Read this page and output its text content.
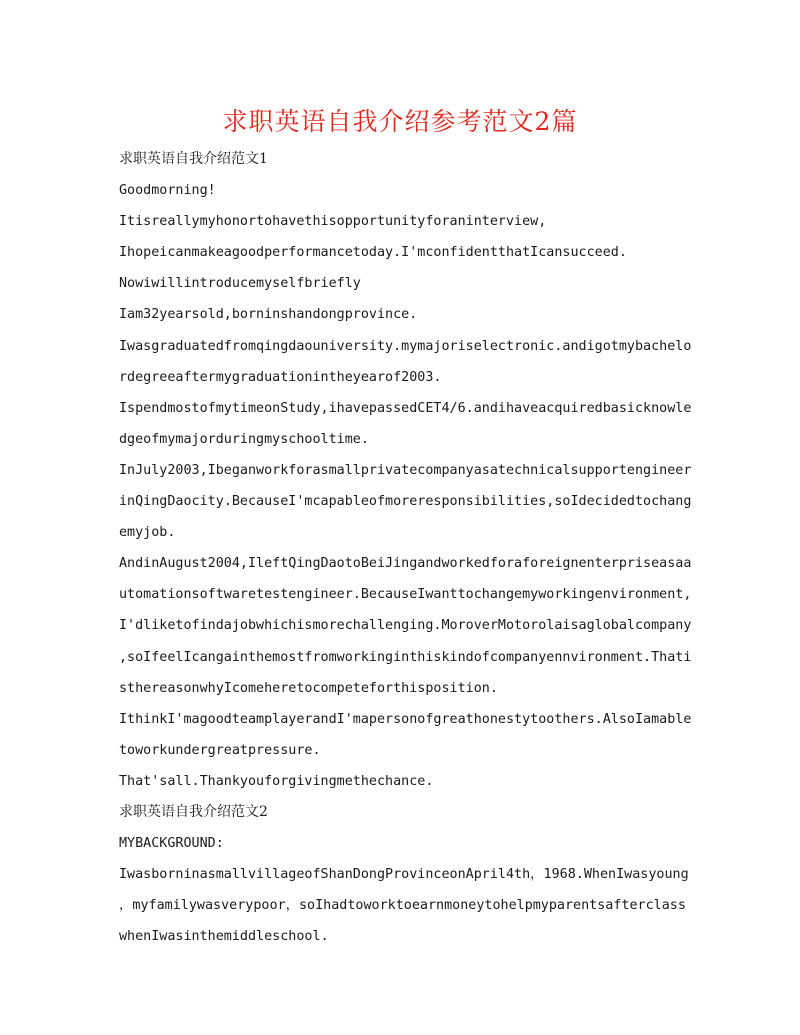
求职英语自我介绍参考范文2篇
求职英语自我介绍范文1
Goodmorning!
Itisreallymyhonortohavethisopportunityforaninterview,
Ihopeicanmakeagoodperformancetoday.I'mconfidentthatIcansucceed.
Nowiwillintroducemyselfbriefly
Iam32yearsold,borninshandongprovince.
Iwasgraduatedfromqingdaouniversity.mymajoriselectronic.andigotmybachelo
rdegreeaftermygraduationintheyearof2003.
IspendmostofmytimeonStudy,ihavepassedCET4/6.andihaveacquiredbasicknowle
dgeofmymajorduringmyschooltime.
InJuly2003,Ibeganworkforasmallprivatecompanyasatechnicalsupportengineer
inQingDaocity.BecauseI'mcapableofmoreresponsibilities,soIdecidedtochang
emyjob.
AndinAugust2004,IleftQingDaotoBeiJingandworkedforaforeignenterpriseasaa
utomationsoftwaretestengineer.BecauseIwanttochangemyworkingenvironment,
I'dliketofindajobwhichismorechallenging.MoroverMotorolaisaglobalcompany
,soIfeelIcangainthemostfromworkinginthiskindofcompanyennvironment.Thati
sthereasonwhyIcomeheretocompeteforthisposition.
IthinkI'magoodteamplayerandI'mapersonofgreathonestytoothers.AlsoIamable
toworkundergreatpressure.
That'sall.Thankyouforgivingmethechance.
求职英语自我介绍范文2
MYBACKGROUND:
IwasborninasmallvillageofShanDongProvinceonApril4th，1968.WhenIwasyoung
，myfamilywasverypoor，soIhadtoworktoearnmoneytohelpmyparentsafterclass
whenIwasinthemiddleschool.
